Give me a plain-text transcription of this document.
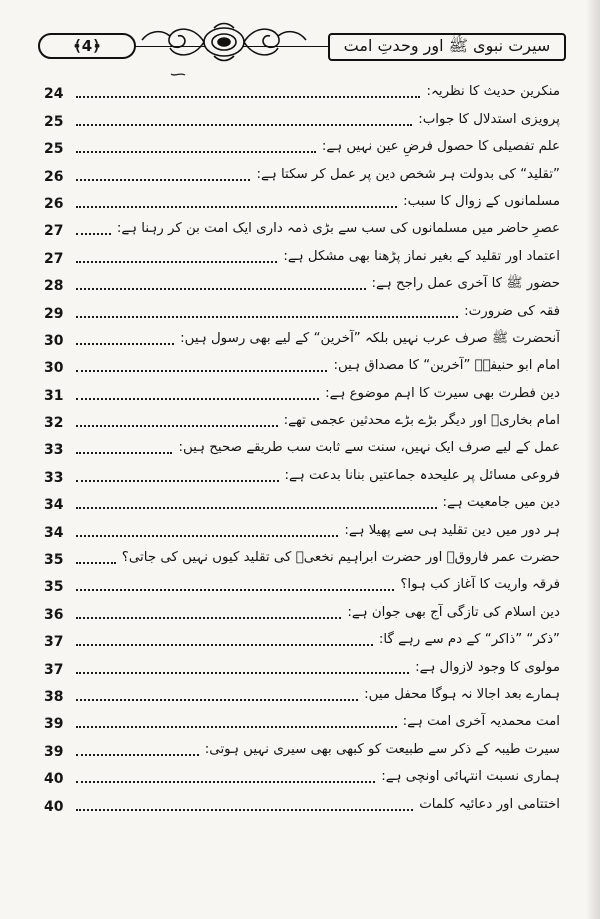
﴾4﴿	سیرت نبوی ﷺ اور وحدتِ امت
24	منکرین حدیث کا نظریہ:
25	پرویزی استدلال کا جواب:
25	علم تفصیلی کا حصول فرضِ عین نہیں ہے:
26	”تقلید“ کی بدولت ہر شخص دین پر عمل کر سکتا ہے:
26	مسلمانوں کے زوال کا سبب:
27	عصرِ حاضر میں مسلمانوں کی سب سے بڑی ذمہ داری ایک امت بن کر رہنا ہے:
27	اعتماد اور تقلید کے بغیر نماز پڑھنا بھی مشکل ہے:
28	حضور ﷺ کا آخری عمل راجح ہے:
29	فقہ کی ضرورت:
30	آنحضرت ﷺ صرف عرب نہیں بلکہ ”آخرین“ کے لیے بھی رسول ہیں:
30	امام ابو حنیفہؒ ”آخرین“ کا مصداق ہیں:
31	دین فطرت بھی سیرت کا اہم موضوع ہے:
32	امام بخاریؒ اور دیگر بڑے بڑے محدثین عجمی تھے:
33	عمل کے لیے صرف ایک نہیں، سنت سے ثابت سب طریقے صحیح ہیں:
33	فروعی مسائل پر علیحدہ جماعتیں بنانا بدعت ہے:
34	دین میں جامعیت ہے:
34	ہر دور میں دین تقلید ہی سے پھیلا ہے:
35	حضرت عمر فاروقؓ اور حضرت ابراہیم نخعیؒ کی تقلید کیوں نہیں کی جاتی؟
35	فرقہ واریت کا آغاز کب ہوا؟
36	دین اسلام کی تازگی آج بھی جوان ہے:
37	”ذکر“ ”ذاکر“ کے دم سے رہے گا:
37	مولوی کا وجود لازوال ہے:
38	ہمارے بعد اجالا نہ ہوگا محفل میں:
39	امت محمدیہ آخری امت ہے:
39	سیرت طیبہ کے ذکر سے طبیعت کو کبھی بھی سیری نہیں ہوتی:
40	ہماری نسبت انتہائی اونچی ہے:
40	اختتامی اور دعائیہ کلمات
